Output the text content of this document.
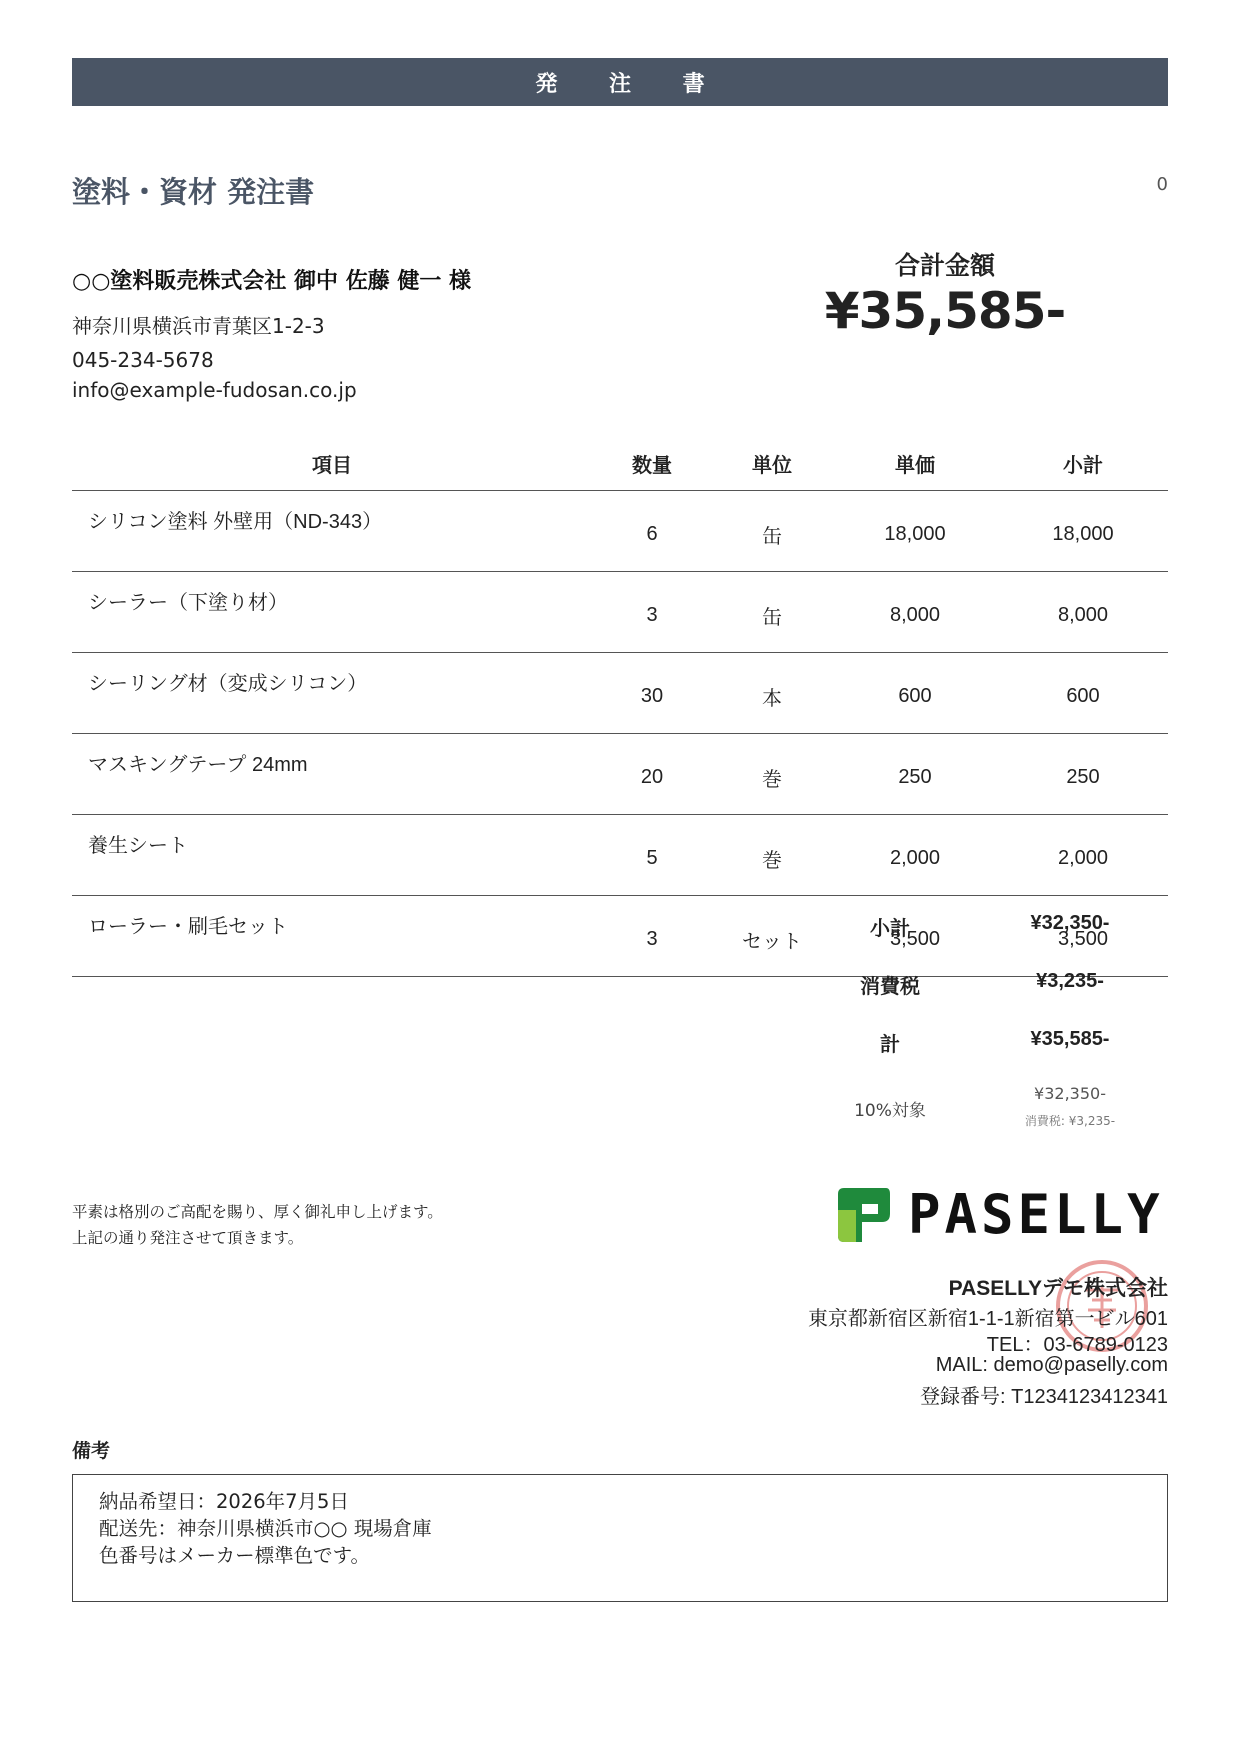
発 注 書
塗料・資材 発注書	0
○○塗料販売株式会社 御中 佐藤 健一 様
神奈川県横浜市青葉区1-2-3
045-234-5678
info@example-fudosan.co.jp
合計金額
¥35,585-
項目	数量	単位	単価	小計
シリコン塗料 外壁用（ND-343）	6	缶	18,000	18,000
シーラー（下塗り材）	3	缶	8,000	8,000
シーリング材（変成シリコン）	30	本	600	600
マスキングテープ 24mm	20	巻	250	250
養生シート	5	巻	2,000	2,000
ローラー・刷毛セット	3	セット	3,500	3,500
小計	¥32,350-
消費税	¥3,235-
計	¥35,585-
10%対象
¥32,350-
消費税: ¥3,235-
平素は格別のご高配を賜り、厚く御礼申し上げます。
上記の通り発注させて頂きます。	PASELLY
PASELLYデモ株式会社
東京都新宿区新宿1-1-1新宿第一ビル601
TEL：03-6789-0123
MAIL: demo@paselly.com
登録番号: T1234123412341
備考
納品希望日：2026年7月5日
配送先：神奈川県横浜市○○ 現場倉庫
色番号はメーカー標準色です。
